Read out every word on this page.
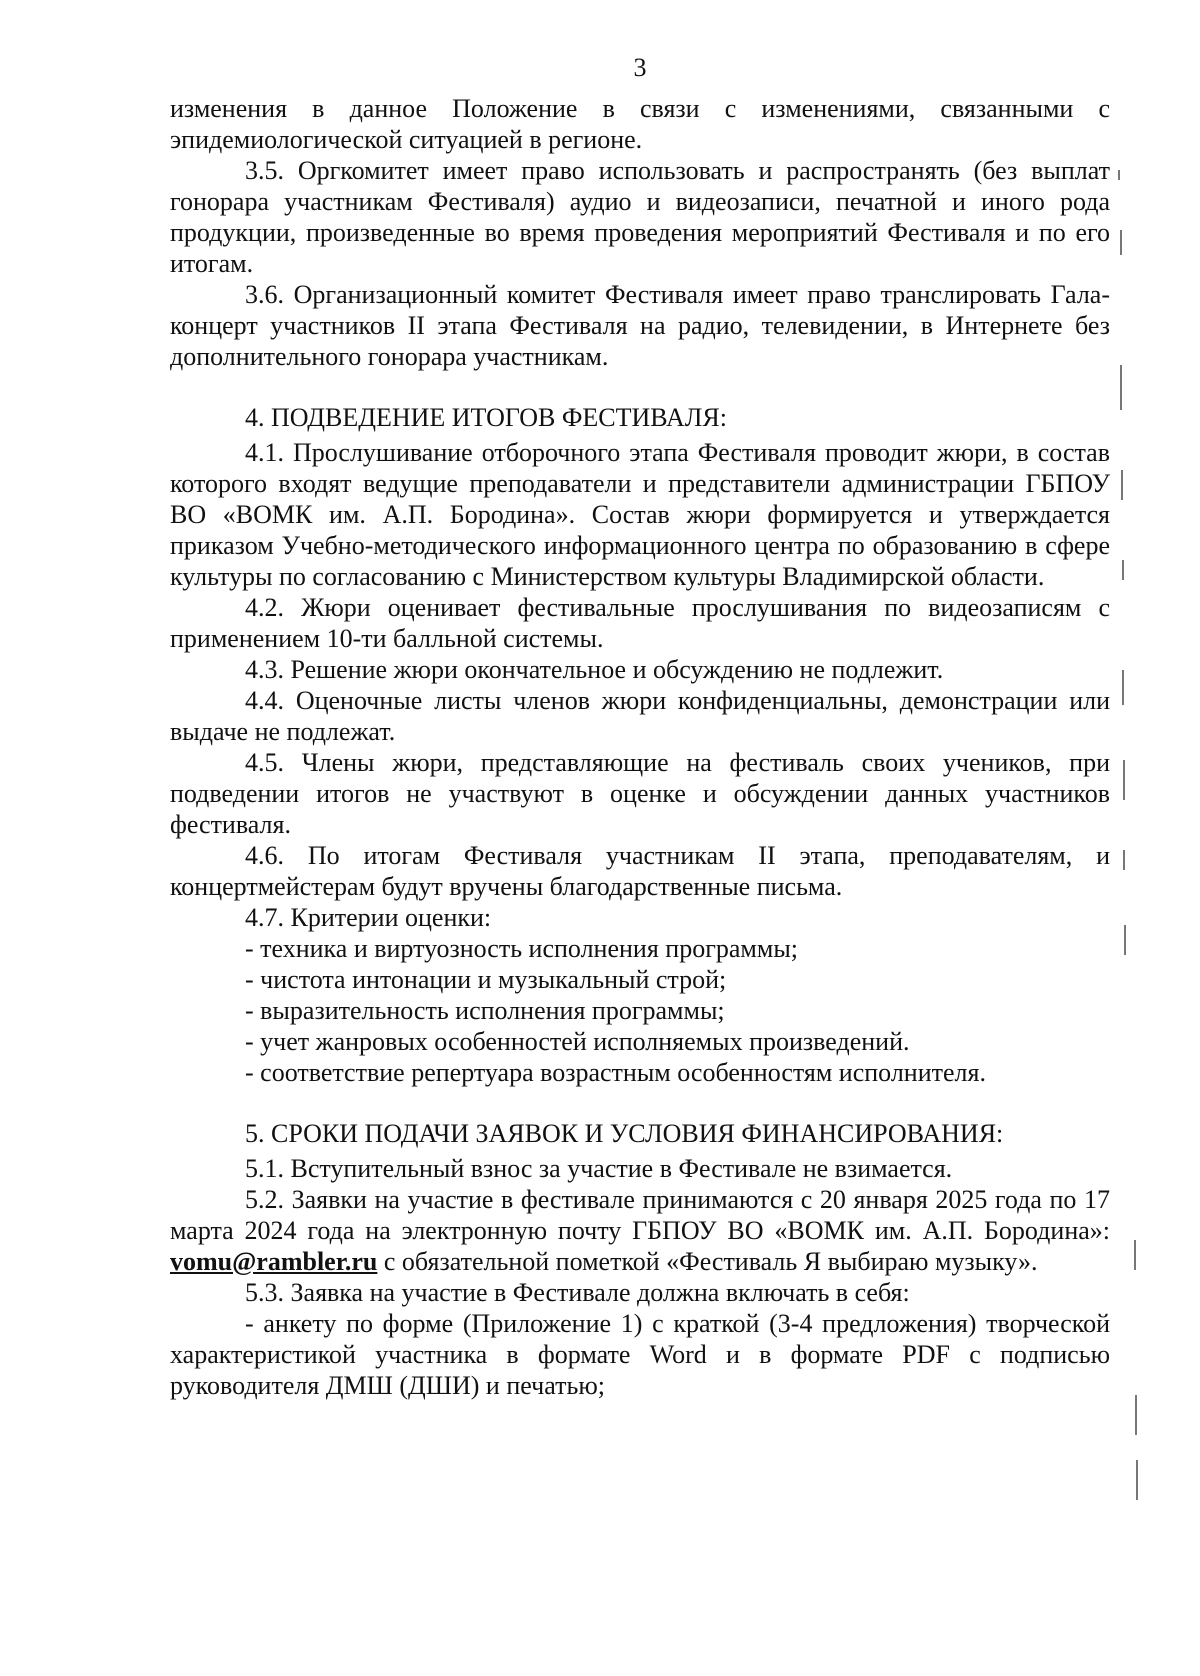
3

изменения в данное Положение в связи с изменениями, связанными с эпидемиологической ситуацией в регионе.

3.5. Оргкомитет имеет право использовать и распространять (без выплат гонорара участникам Фестиваля) аудио и видеозаписи, печатной и иного рода продукции, произведенные во время проведения мероприятий Фестиваля и по его итогам.

3.6. Организационный комитет Фестиваля имеет право транслировать Гала-концерт участников II этапа Фестиваля на радио, телевидении, в Интернете без дополнительного гонорара участникам.

4. ПОДВЕДЕНИЕ ИТОГОВ ФЕСТИВАЛЯ:

4.1. Прослушивание отборочного этапа Фестиваля проводит жюри, в состав которого входят ведущие преподаватели и представители администрации ГБПОУ ВО «ВОМК им. А.П. Бородина». Состав жюри формируется и утверждается приказом Учебно-методического информационного центра по образованию в сфере культуры по согласованию с Министерством культуры Владимирской области.

4.2. Жюри оценивает фестивальные прослушивания по видеозаписям с применением 10-ти балльной системы.

4.3. Решение жюри окончательное и обсуждению не подлежит.

4.4. Оценочные листы членов жюри конфиденциальны, демонстрации или выдаче не подлежат.

4.5. Члены жюри, представляющие на фестиваль своих учеников, при подведении итогов не участвуют в оценке и обсуждении данных участников фестиваля.

4.6. По итогам Фестиваля участникам II этапа, преподавателям, и концертмейстерам будут вручены благодарственные письма.

4.7. Критерии оценки:

- техника и виртуозность исполнения программы;

- чистота интонации и музыкальный строй;

- выразительность исполнения программы;

- учет жанровых особенностей исполняемых произведений.

- соответствие репертуара возрастным особенностям исполнителя.

5. СРОКИ ПОДАЧИ ЗАЯВОК И УСЛОВИЯ ФИНАНСИРОВАНИЯ:

5.1. Вступительный взнос за участие в Фестивале не взимается.

5.2. Заявки на участие в фестивале принимаются с 20 января 2025 года по 17 марта 2024 года на электронную почту ГБПОУ ВО «ВОМК им. А.П. Бородина»: vomu@rambler.ru с обязательной пометкой «Фестиваль Я выбираю музыку».

5.3. Заявка на участие в Фестивале должна включать в себя:

- анкету по форме (Приложение 1) с краткой (3-4 предложения) творческой характеристикой участника в формате Word и в формате PDF с подписью руководителя ДМШ (ДШИ) и печатью;
